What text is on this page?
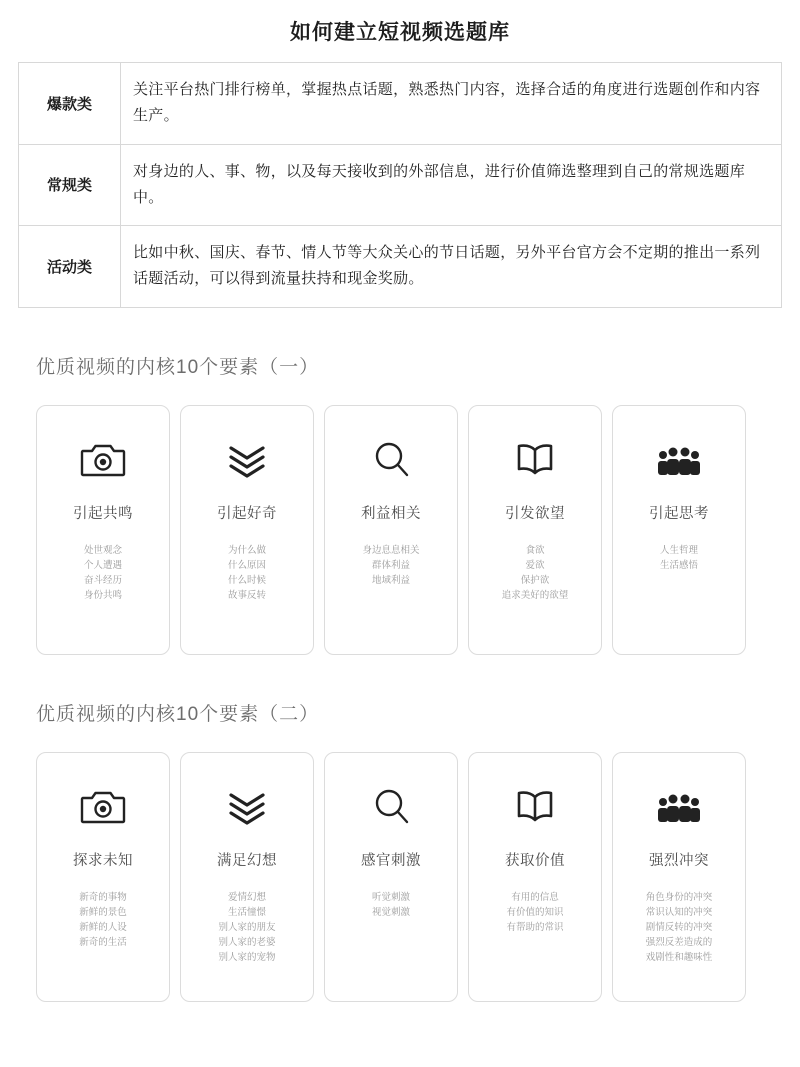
如何建立短视频选题库
爆款类	关注平台热门排行榜单，掌握热点话题，熟悉热门内容，选择合适的角度进行选题创作和内容生产。
常规类	对身边的人、事、物，以及每天接收到的外部信息，进行价值筛选整理到自己的常规选题库中。
活动类	比如中秋、国庆、春节、情人节等大众关心的节日话题，另外平台官方会不定期的推出一系列话题活动，可以得到流量扶持和现金奖励。
优质视频的内核10个要素（一）
引起共鸣
处世观念
个人遭遇
奋斗经历
身份共鸣
引起好奇
为什么做
什么原因
什么时候
故事反转
利益相关
身边息息相关
群体利益
地域利益
引发欲望
食欲
爱欲
保护欲
追求美好的欲望
引起思考
人生哲理
生活感悟
优质视频的内核10个要素（二）
探求未知
新奇的事物
新鲜的景色
新鲜的人设
新奇的生活
满足幻想
爱情幻想
生活憧憬
别人家的朋友
别人家的老婆
别人家的宠物
感官刺激
听觉刺激
视觉刺激
获取价值
有用的信息
有价值的知识
有帮助的常识
强烈冲突
角色身份的冲突
常识认知的冲突
剧情反转的冲突
强烈反差造成的
戏剧性和趣味性
